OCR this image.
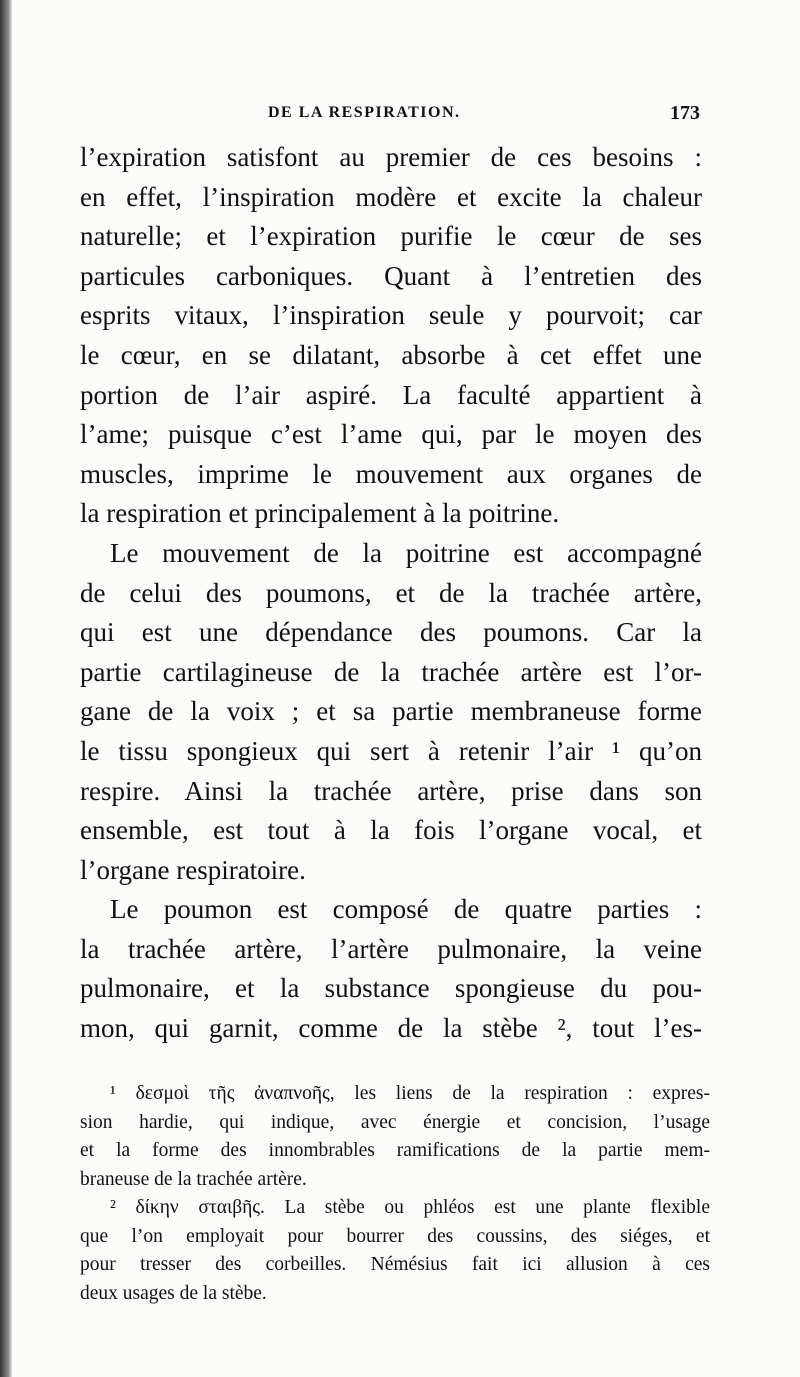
DE LA RESPIRATION.	173
l’expiration satisfont au premier de ces besoins :
en effet, l’inspiration modère et excite la chaleur
naturelle; et l’expiration purifie le cœur de ses
particules carboniques. Quant à l’entretien des
esprits vitaux, l’inspiration seule y pourvoit; car
le cœur, en se dilatant, absorbe à cet effet une
portion de l’air aspiré. La faculté appartient à
l’ame; puisque c’est l’ame qui, par le moyen des
muscles, imprime le mouvement aux organes de
la respiration et principalement à la poitrine.
Le mouvement de la poitrine est accompagné
de celui des poumons, et de la trachée artère,
qui est une dépendance des poumons. Car la
partie cartilagineuse de la trachée artère est l’or-
gane de la voix ; et sa partie membraneuse forme
le tissu spongieux qui sert à retenir l’air ¹ qu’on
respire. Ainsi la trachée artère, prise dans son
ensemble, est tout à la fois l’organe vocal, et
l’organe respiratoire.
Le poumon est composé de quatre parties :
la trachée artère, l’artère pulmonaire, la veine
pulmonaire, et la substance spongieuse du pou-
mon, qui garnit, comme de la stèbe ², tout l’es-
¹ δεσμοὶ τῆς ἀναπνοῆς, les liens de la respiration : expres-
sion hardie, qui indique, avec énergie et concision, l’usage
et la forme des innombrables ramifications de la partie mem-
braneuse de la trachée artère.
² δίκην σταιβῆς. La stèbe ou phléos est une plante flexible
que l’on employait pour bourrer des coussins, des siéges, et
pour tresser des corbeilles. Némésius fait ici allusion à ces
deux usages de la stèbe.
